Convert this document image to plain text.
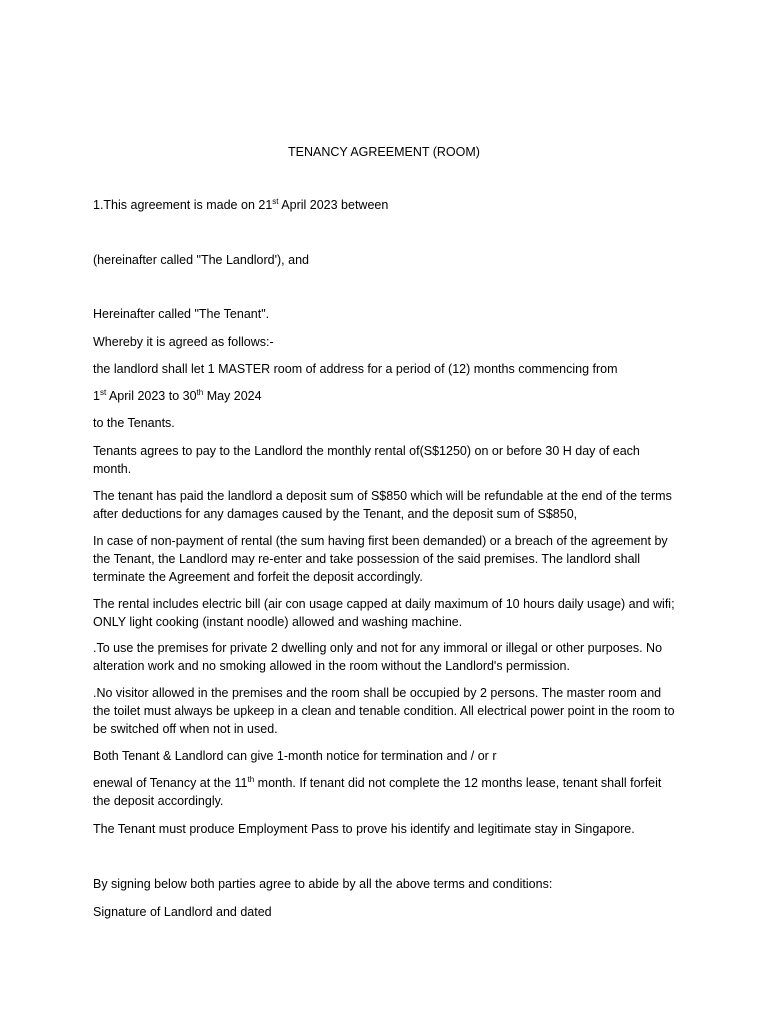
TENANCY AGREEMENT (ROOM)
1.This agreement is made on 21st April 2023 between
(hereinafter called "The Landlord'), and
Hereinafter called "The Tenant".
Whereby it is agreed as follows:-
the landlord shall let 1 MASTER room of address for a period of (12) months commencing from
1st April 2023 to 30th May 2024
to the Tenants.
Tenants agrees to pay to the Landlord the monthly rental of(S$1250) on or before 30 H day of each month.
The tenant has paid the landlord a deposit sum of S$850 which will be refundable at the end of the terms after deductions for any damages caused by the Tenant, and the deposit sum of S$850,
In case of non-payment of rental (the sum having first been demanded) or a breach of the agreement by the Tenant, the Landlord may re-enter and take possession of the said premises. The landlord shall terminate the Agreement and forfeit the deposit accordingly.
The rental includes electric bill (air con usage capped at daily maximum of 10 hours daily usage) and wifi; ONLY light cooking (instant noodle) allowed and washing machine.
.To use the premises for private 2 dwelling only and not for any immoral or illegal or other purposes. No alteration work and no smoking allowed in the room without the Landlord's permission.
.No visitor allowed in the premises and the room shall be occupied by 2 persons. The master room and the toilet must always be upkeep in a clean and tenable condition. All electrical power point in the room to be switched off when not in used.
Both Tenant & Landlord can give 1-month notice for termination and / or r
enewal of Tenancy at the 11th month. If tenant did not complete the 12 months lease, tenant shall forfeit the deposit accordingly.
The Tenant must produce Employment Pass to prove his identify and legitimate stay in Singapore.
By signing below both parties agree to abide by all the above terms and conditions:
Signature of Landlord and dated
